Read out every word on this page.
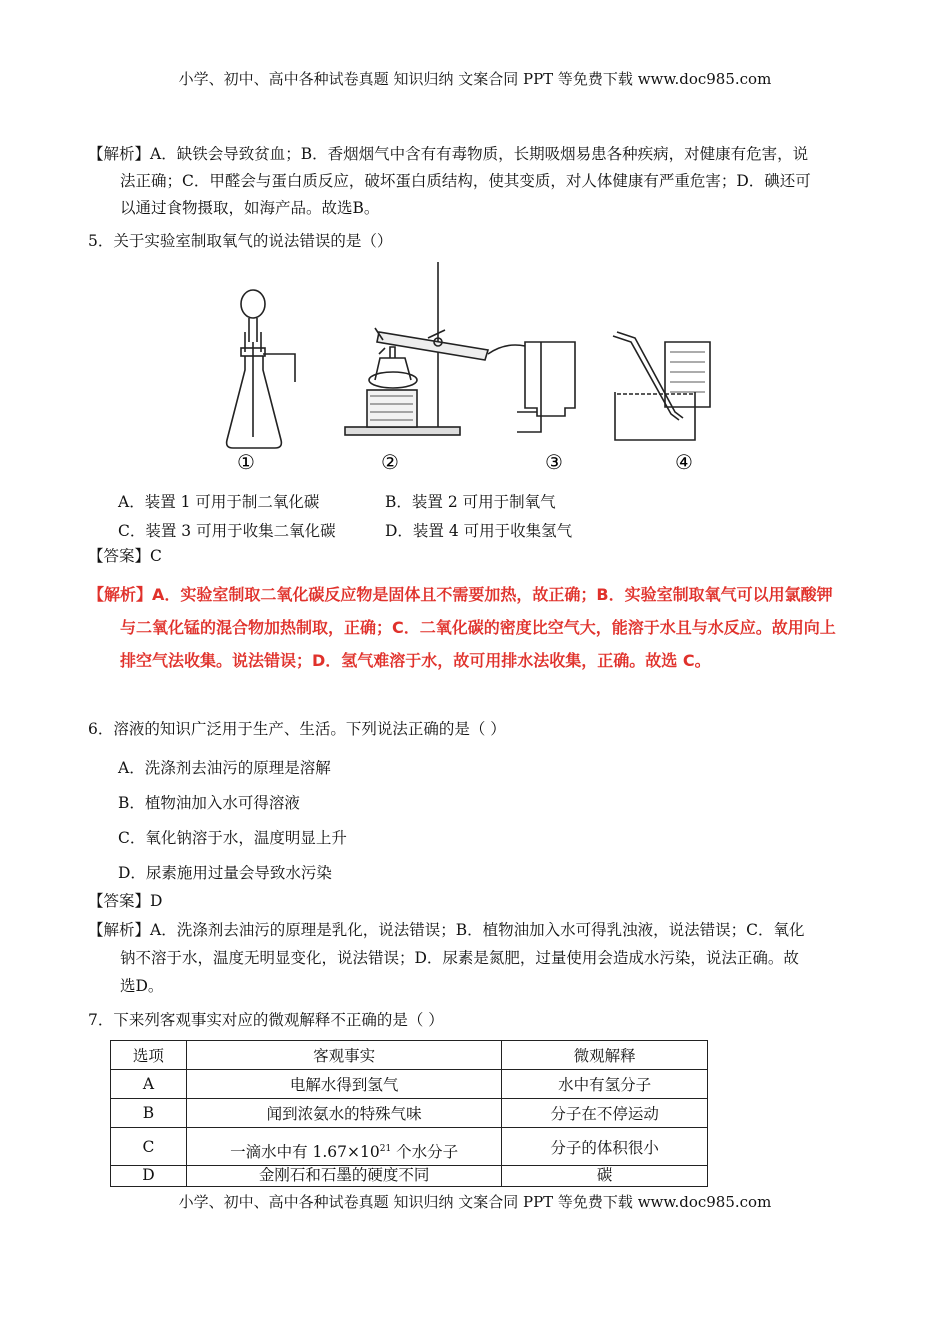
小学、初中、高中各种试卷真题 知识归纳 文案合同 PPT 等免费下载 www.doc985.com
【解析】A．缺铁会导致贫血；B．香烟烟气中含有有毒物质，长期吸烟易患各种疾病，对健康有危害，说
法正确；C．甲醛会与蛋白质反应，破坏蛋白质结构，使其变质，对人体健康有严重危害；D．碘还可
以通过食物摄取，如海产品。故选B。
5．关于实验室制取氧气的说法错误的是（）
①	②	③	④
A．装置 1 可用于制二氧化碳	B．装置 2 可用于制氧气
C．装置 3 可用于收集二氧化碳	D．装置 4 可用于收集氢气
【答案】C
【解析】A．实验室制取二氧化碳反应物是固体且不需要加热，故正确；B．实验室制取氧气可以用氯酸钾
与二氧化锰的混合物加热制取，正确；C．二氧化碳的密度比空气大，能溶于水且与水反应。故用向上
排空气法收集。说法错误；D．氢气难溶于水，故可用排水法收集，正确。故选 C。
6．溶液的知识广泛用于生产、生活。下列说法正确的是（ ）
A．洗涤剂去油污的原理是溶解
B．植物油加入水可得溶液
C．氧化钠溶于水，温度明显上升
D．尿素施用过量会导致水污染
【答案】D
【解析】A．洗涤剂去油污的原理是乳化，说法错误；B．植物油加入水可得乳浊液，说法错误；C．氧化
钠不溶于水，温度无明显变化，说法错误；D．尿素是氮肥，过量使用会造成水污染，说法正确。故
选D。
7．下来列客观事实对应的微观解释不正确的是（ ）
选项	客观事实	微观解释
A	电解水得到氢气	水中有氢分子
B	闻到浓氨水的特殊气味	分子在不停运动
C	一滴水中有 $1.67\times 10^{21}$ 个水分子	分子的体积很小
D	金刚石和石墨的硬度不同	碳
小学、初中、高中各种试卷真题 知识归纳 文案合同 PPT 等免费下载 www.doc985.com
